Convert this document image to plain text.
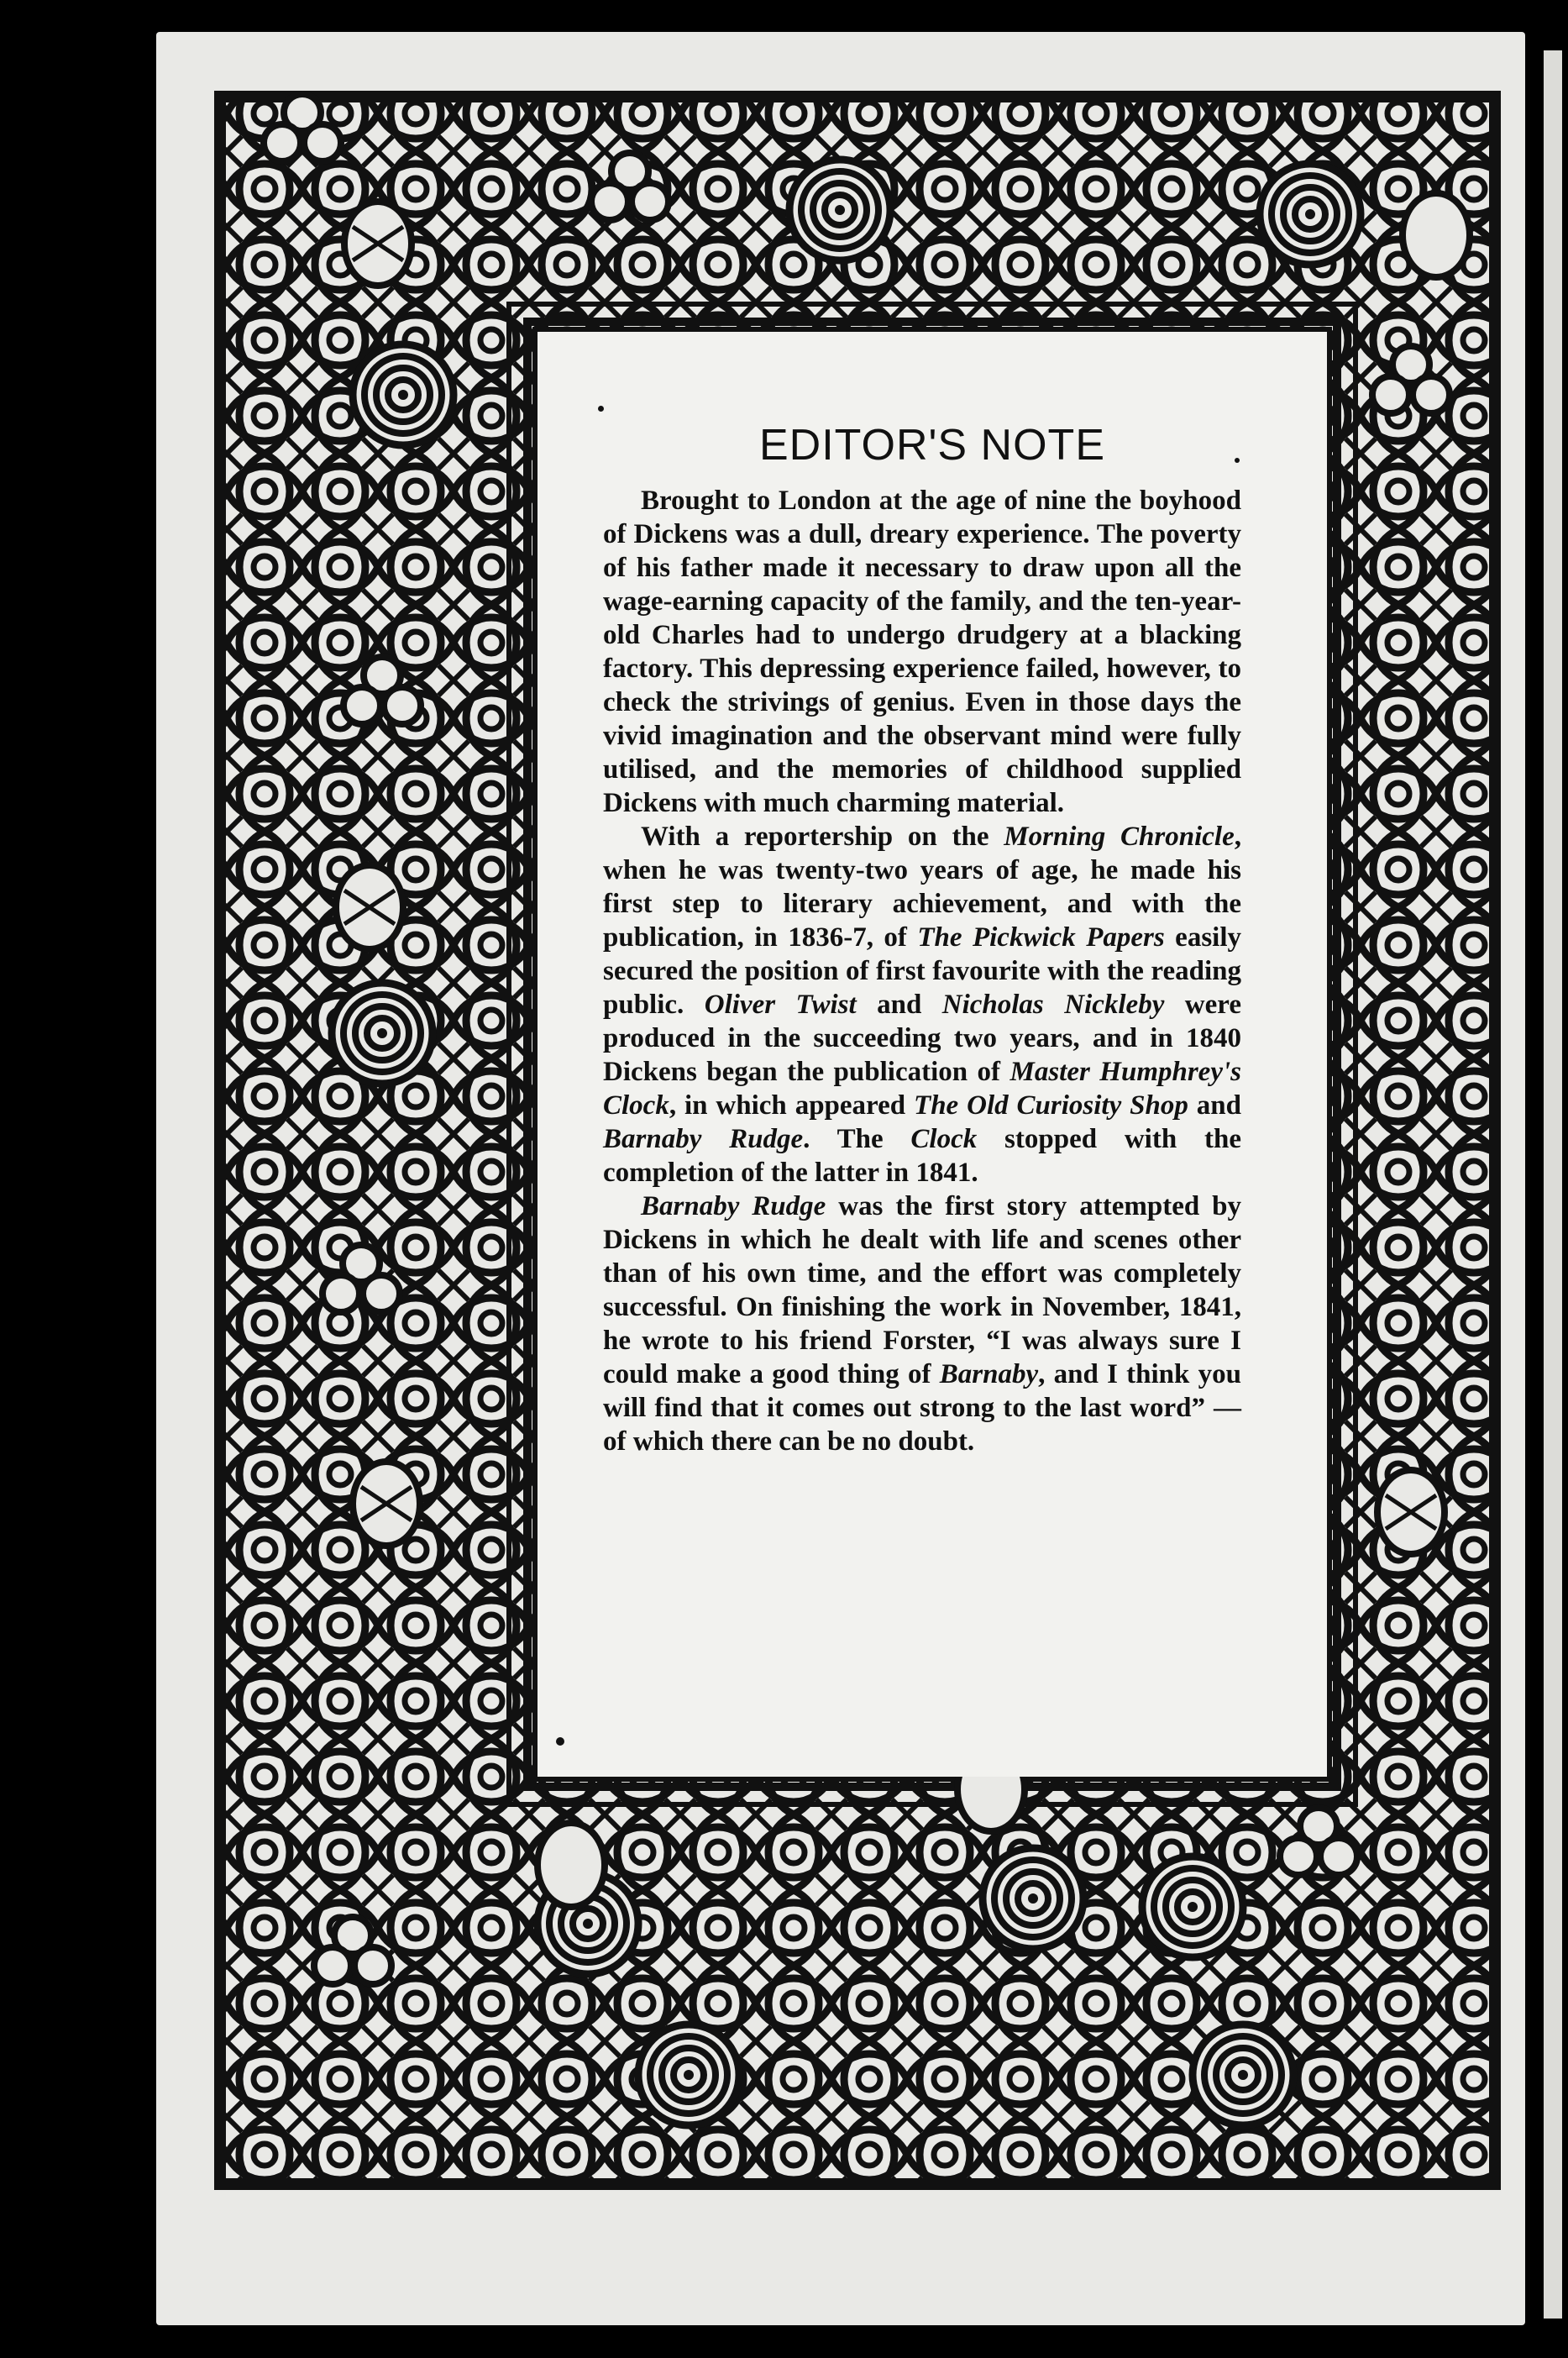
EDITOR'S NOTE

Brought to London at the age of nine the boyhood of Dickens was a dull, dreary experience. The poverty of his father made it necessary to draw upon all the wage-earning capacity of the family, and the ten-year-old Charles had to undergo drudgery at a blacking factory. This depressing experience failed, however, to check the strivings of genius. Even in those days the vivid imagination and the observant mind were fully utilised, and the memories of childhood supplied Dickens with much charming material.

With a reportership on the Morning Chronicle, when he was twenty-two years of age, he made his first step to literary achievement, and with the publication, in 1836-7, of The Pickwick Papers easily secured the position of first favourite with the reading public. Oliver Twist and Nicholas Nickleby were produced in the succeeding two years, and in 1840 Dickens began the publication of Master Humphrey's Clock, in which appeared The Old Curiosity Shop and Barnaby Rudge. The Clock stopped with the completion of the latter in 1841.

Barnaby Rudge was the first story attempted by Dickens in which he dealt with life and scenes other than of his own time, and the effort was completely successful. On finishing the work in November, 1841, he wrote to his friend Forster, “I was always sure I could make a good thing of Barnaby, and I think you will find that it comes out strong to the last word” — of which there can be no doubt.
